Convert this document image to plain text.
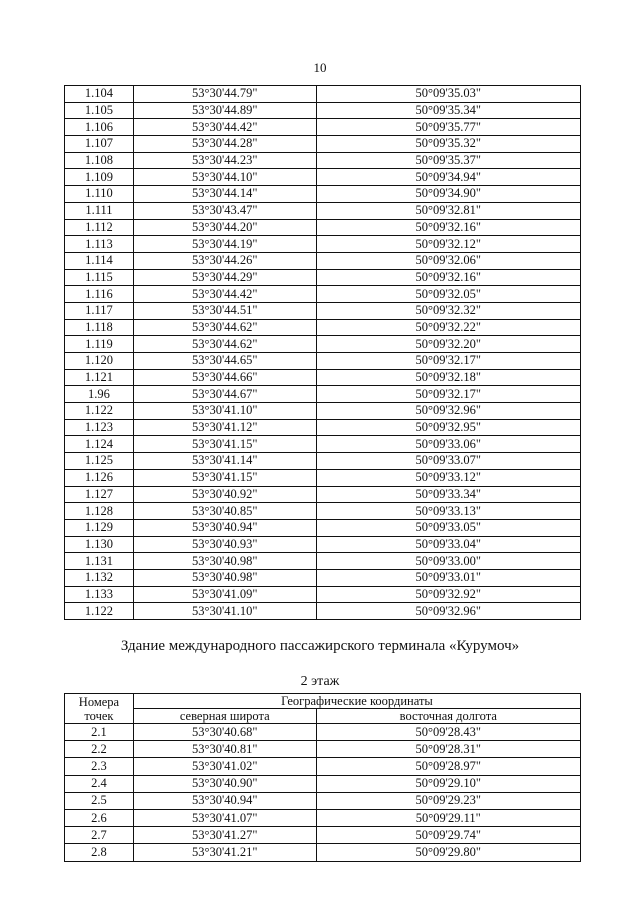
10
1.104	53°30'44.79"	50°09'35.03"
1.105	53°30'44.89"	50°09'35.34"
1.106	53°30'44.42"	50°09'35.77"
1.107	53°30'44.28"	50°09'35.32"
1.108	53°30'44.23"	50°09'35.37"
1.109	53°30'44.10"	50°09'34.94"
1.110	53°30'44.14"	50°09'34.90"
1.111	53°30'43.47"	50°09'32.81"
1.112	53°30'44.20"	50°09'32.16"
1.113	53°30'44.19"	50°09'32.12"
1.114	53°30'44.26"	50°09'32.06"
1.115	53°30'44.29"	50°09'32.16"
1.116	53°30'44.42"	50°09'32.05"
1.117	53°30'44.51"	50°09'32.32"
1.118	53°30'44.62"	50°09'32.22"
1.119	53°30'44.62"	50°09'32.20"
1.120	53°30'44.65"	50°09'32.17"
1.121	53°30'44.66"	50°09'32.18"
1.96	53°30'44.67"	50°09'32.17"
1.122	53°30'41.10"	50°09'32.96"
1.123	53°30'41.12"	50°09'32.95"
1.124	53°30'41.15"	50°09'33.06"
1.125	53°30'41.14"	50°09'33.07"
1.126	53°30'41.15"	50°09'33.12"
1.127	53°30'40.92"	50°09'33.34"
1.128	53°30'40.85"	50°09'33.13"
1.129	53°30'40.94"	50°09'33.05"
1.130	53°30'40.93"	50°09'33.04"
1.131	53°30'40.98"	50°09'33.00"
1.132	53°30'40.98"	50°09'33.01"
1.133	53°30'41.09"	50°09'32.92"
1.122	53°30'41.10"	50°09'32.96"
Здание международного пассажирского терминала «Курумоч»
2 этаж
Номера точек	Географические координаты	
	северная широта	восточная долгота
2.1	53°30'40.68"	50°09'28.43"
2.2	53°30'40.81"	50°09'28.31"
2.3	53°30'41.02"	50°09'28.97"
2.4	53°30'40.90"	50°09'29.10"
2.5	53°30'40.94"	50°09'29.23"
2.6	53°30'41.07"	50°09'29.11"
2.7	53°30'41.27"	50°09'29.74"
2.8	53°30'41.21"	50°09'29.80"
